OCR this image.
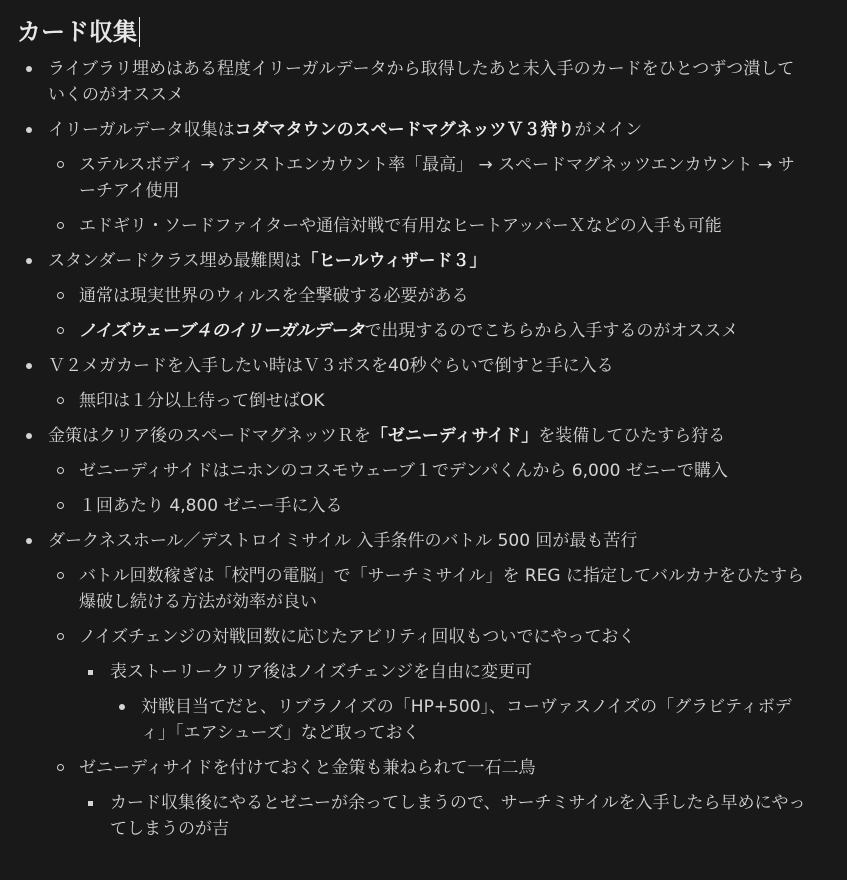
カード収集
ライブラリ埋めはある程度イリーガルデータから取得したあと未入手のカードをひとつずつ潰していくのがオススメ
イリーガルデータ収集はコダマタウンのスペードマグネッツＶ３狩りがメイン
ステルスボディ → アシストエンカウント率「最高」 → スペードマグネッツエンカウント → サーチアイ使用
エドギリ・ソードファイターや通信対戦で有用なヒートアッパーＸなどの入手も可能
スタンダードクラス埋め最難関は「ヒールウィザード３」
通常は現実世界のウィルスを全撃破する必要がある
ノイズウェーブ４のイリーガルデータで出現するのでこちらから入手するのがオススメ
Ｖ２メガカードを入手したい時はＶ３ボスを40秒ぐらいで倒すと手に入る
無印は１分以上待って倒せばOK
金策はクリア後のスペードマグネッツＲを「ゼニーディサイド」を装備してひたすら狩る
ゼニーディサイドはニホンのコスモウェーブ１でデンパくんから 6,000 ゼニーで購入
１回あたり 4,800 ゼニー手に入る
ダークネスホール／デストロイミサイル 入手条件のバトル 500 回が最も苦行
バトル回数稼ぎは「校門の電脳」で「サーチミサイル」を REG に指定してバルカナをひたすら爆破し続ける方法が効率が良い
ノイズチェンジの対戦回数に応じたアビリティ回収もついでにやっておく
表ストーリークリア後はノイズチェンジを自由に変更可
対戦目当てだと、リブラノイズの「HP+500」、コーヴァスノイズの「グラビティボディ」「エアシューズ」など取っておく
ゼニーディサイドを付けておくと金策も兼ねられて一石二鳥
カード収集後にやるとゼニーが余ってしまうので、サーチミサイルを入手したら早めにやってしまうのが吉
